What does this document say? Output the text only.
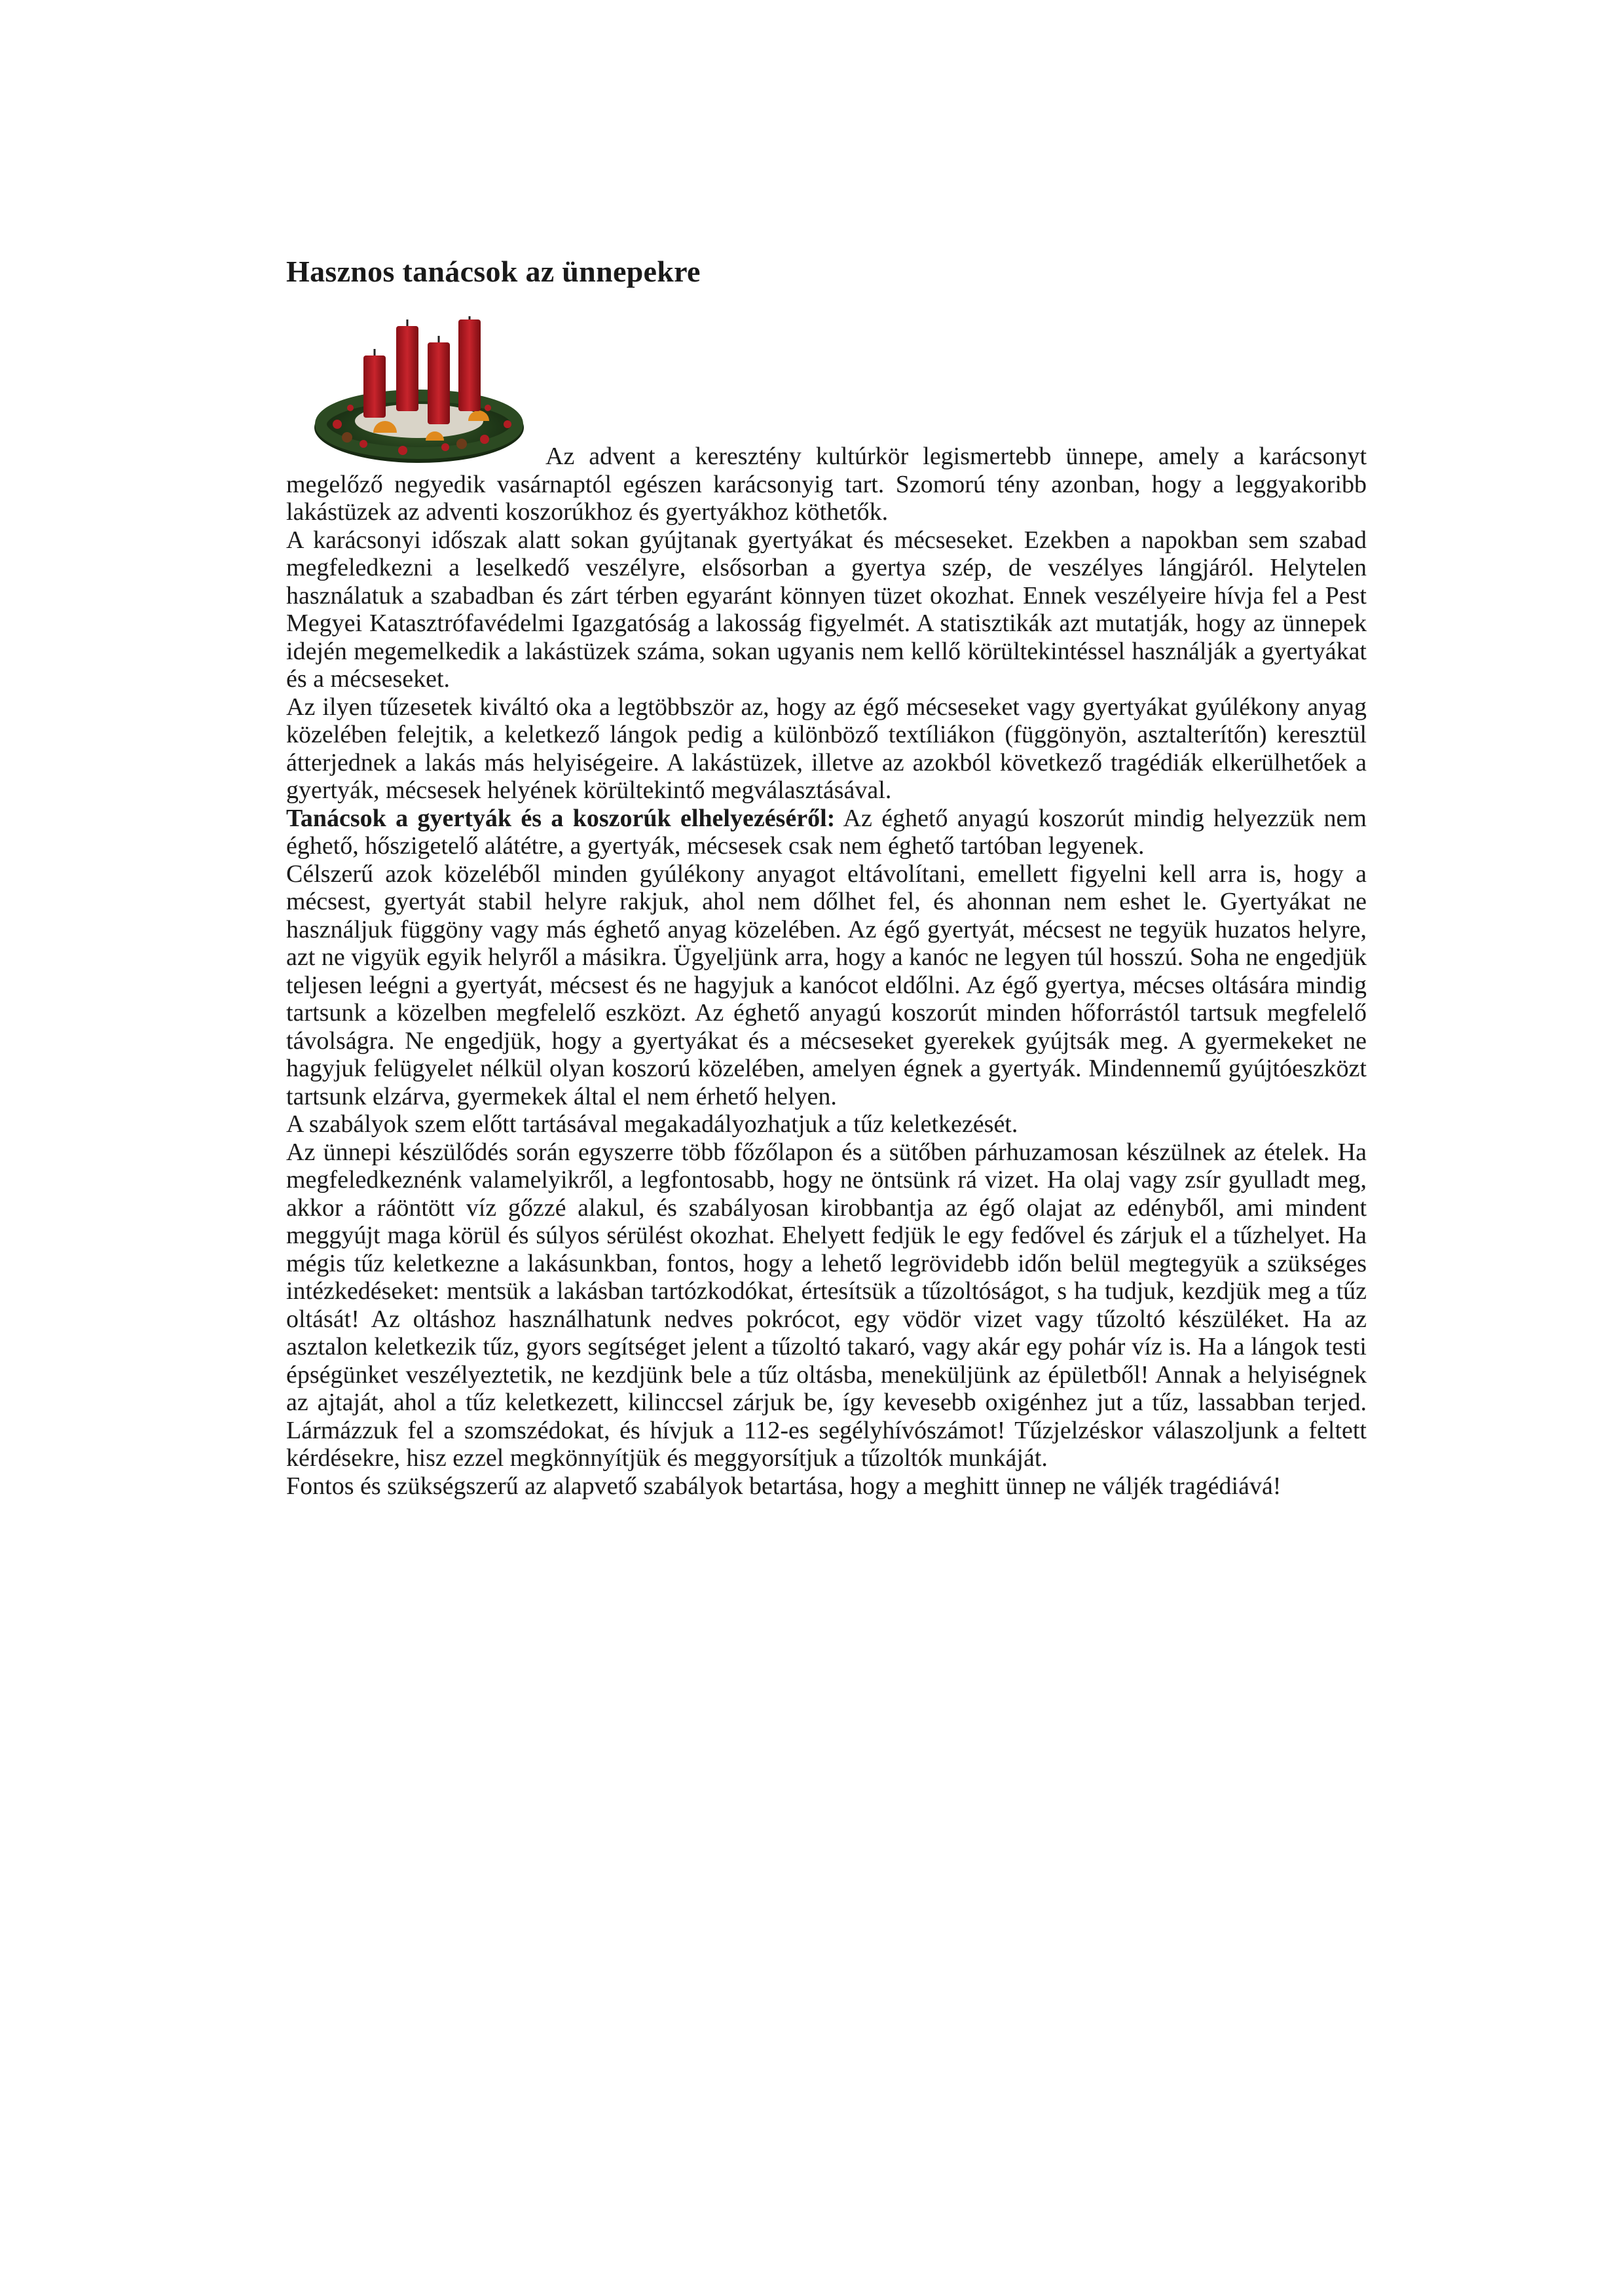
Hasznos tanácsok az ünnepekre

Az advent a keresztény kultúrkör legismertebb ünnepe, amely a karácsonyt megelőző negyedik vasárnaptól egészen karácsonyig tart. Szomorú tény azonban, hogy a leggyakoribb lakástüzek az adventi koszorúkhoz és gyertyákhoz köthetők.

A karácsonyi időszak alatt sokan gyújtanak gyertyákat és mécseseket. Ezekben a napokban sem szabad megfeledkezni a leselkedő veszélyre, elsősorban a gyertya szép, de veszélyes lángjáról. Helytelen használatuk a szabadban és zárt térben egyaránt könnyen tüzet okozhat. Ennek veszélyeire hívja fel a Pest Megyei Katasztrófavédelmi Igazgatóság a lakosság figyelmét. A statisztikák azt mutatják, hogy az ünnepek idején megemelkedik a lakástüzek száma, sokan ugyanis nem kellő körültekintéssel használják a gyertyákat és a mécseseket.

Az ilyen tűzesetek kiváltó oka a legtöbbször az, hogy az égő mécseseket vagy gyertyákat gyúlékony anyag közelében felejtik, a keletkező lángok pedig a különböző textíliákon (függönyön, asztalterítőn) keresztül átterjednek a lakás más helyiségeire. A lakástüzek, illetve az azokból következő tragédiák elkerülhetőek a gyertyák, mécsesek helyének körültekintő megválasztásával.

Tanácsok a gyertyák és a koszorúk elhelyezéséről: Az éghető anyagú koszorút mindig helyezzük nem éghető, hőszigetelő alátétre, a gyertyák, mécsesek csak nem éghető tartóban legyenek.

Célszerű azok közeléből minden gyúlékony anyagot eltávolítani, emellett figyelni kell arra is, hogy a mécsest, gyertyát stabil helyre rakjuk, ahol nem dőlhet fel, és ahonnan nem eshet le. Gyertyákat ne használjuk függöny vagy más éghető anyag közelében. Az égő gyertyát, mécsest ne tegyük huzatos helyre, azt ne vigyük egyik helyről a másikra. Ügyeljünk arra, hogy a kanóc ne legyen túl hosszú. Soha ne engedjük teljesen leégni a gyertyát, mécsest és ne hagyjuk a kanócot eldőlni. Az égő gyertya, mécses oltására mindig tartsunk a közelben megfelelő eszközt. Az éghető anyagú koszorút minden hőforrástól tartsuk megfelelő távolságra. Ne engedjük, hogy a gyertyákat és a mécseseket gyerekek gyújtsák meg. A gyermekeket ne hagyjuk felügyelet nélkül olyan koszorú közelében, amelyen égnek a gyertyák. Mindennemű gyújtóeszközt tartsunk elzárva, gyermekek által el nem érhető helyen.

A szabályok szem előtt tartásával megakadályozhatjuk a tűz keletkezését.

Az ünnepi készülődés során egyszerre több főzőlapon és a sütőben párhuzamosan készülnek az ételek. Ha megfeledkeznénk valamelyikről, a legfontosabb, hogy ne öntsünk rá vizet. Ha olaj vagy zsír gyulladt meg, akkor a ráöntött víz gőzzé alakul, és szabályosan kirobbantja az égő olajat az edényből, ami mindent meggyújt maga körül és súlyos sérülést okozhat. Ehelyett fedjük le egy fedővel és zárjuk el a tűzhelyet. Ha mégis tűz keletkezne a lakásunkban, fontos, hogy a lehető legrövidebb időn belül megtegyük a szükséges intézkedéseket: mentsük a lakásban tartózkodókat, értesítsük a tűzoltóságot, s ha tudjuk, kezdjük meg a tűz oltását! Az oltáshoz használhatunk nedves pokrócot, egy vödör vizet vagy tűzoltó készüléket. Ha az asztalon keletkezik tűz, gyors segítséget jelent a tűzoltó takaró, vagy akár egy pohár víz is. Ha a lángok testi épségünket veszélyeztetik, ne kezdjünk bele a tűz oltásba, meneküljünk az épületből! Annak a helyiségnek az ajtaját, ahol a tűz keletkezett, kilinccsel zárjuk be, így kevesebb oxigénhez jut a tűz, lassabban terjed. Lármázzuk fel a szomszédokat, és hívjuk a 112-es segélyhívószámot! Tűzjelzéskor válaszoljunk a feltett kérdésekre, hisz ezzel megkönnyítjük és meggyorsítjuk a tűzoltók munkáját.

Fontos és szükségszerű az alapvető szabályok betartása, hogy a meghitt ünnep ne váljék tragédiává!
